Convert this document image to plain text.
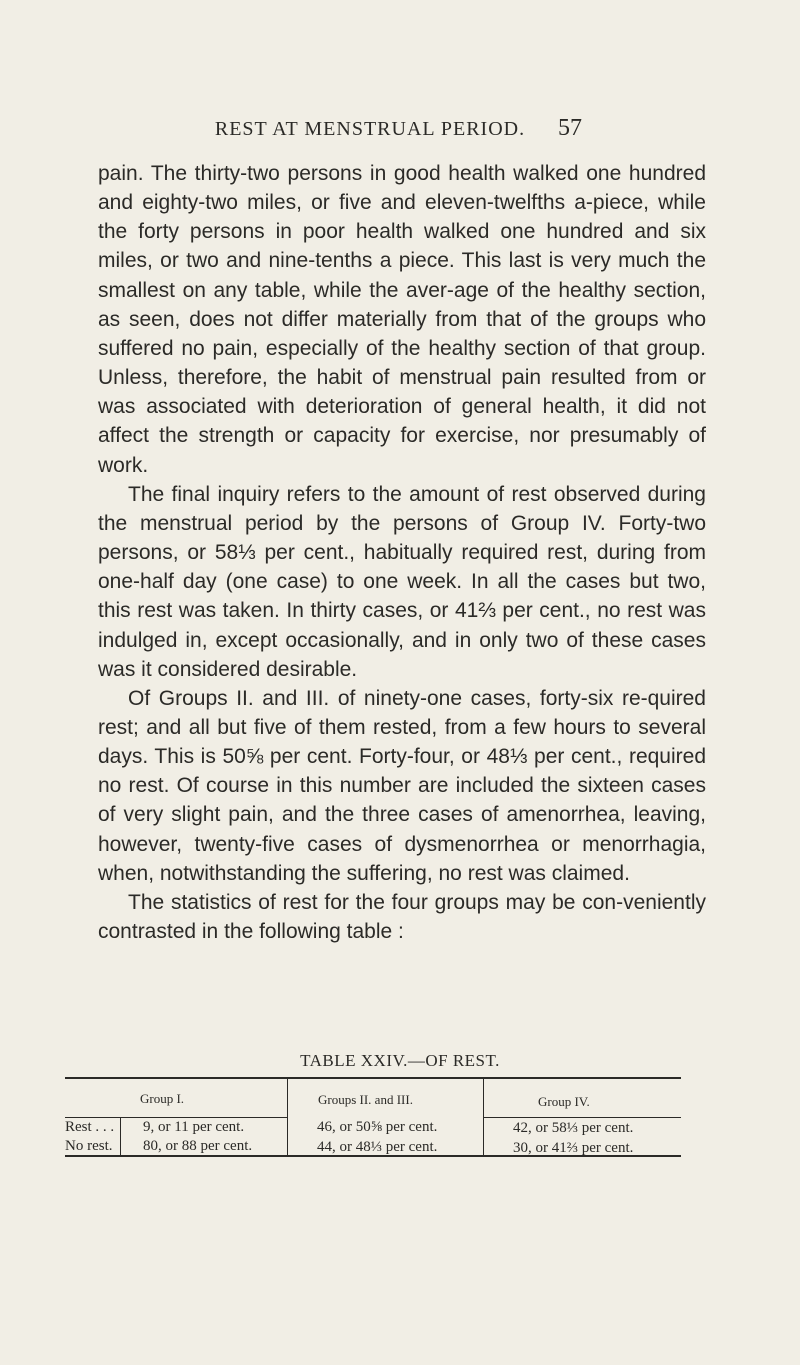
REST AT MENSTRUAL PERIOD.	57

pain. The thirty-two persons in good health walked one hundred and eighty-two miles, or five and eleven-twelfths a-piece, while the forty persons in poor health walked one hundred and six miles, or two and nine-tenths a piece. This last is very much the smallest on any table, while the aver-age of the healthy section, as seen, does not differ materially from that of the groups who suffered no pain, especially of the healthy section of that group. Unless, therefore, the habit of menstrual pain resulted from or was associated with deterioration of general health, it did not affect the strength or capacity for exercise, nor presumably of work.

The final inquiry refers to the amount of rest observed during the menstrual period by the persons of Group IV. Forty-two persons, or 58⅓ per cent., habitually required rest, during from one-half day (one case) to one week. In all the cases but two, this rest was taken. In thirty cases, or 41⅔ per cent., no rest was indulged in, except occasionally, and in only two of these cases was it considered desirable.

Of Groups II. and III. of ninety-one cases, forty-six re-quired rest; and all but five of them rested, from a few hours to several days. This is 50⅝ per cent. Forty-four, or 48⅓ per cent., required no rest. Of course in this number are included the sixteen cases of very slight pain, and the three cases of amenorrhea, leaving, however, twenty-five cases of dysmenorrhea or menorrhagia, when, notwithstanding the suffering, no rest was claimed.

The statistics of rest for the four groups may be con-veniently contrasted in the following table :

TABLE XXIV.—OF REST.
Group I.	Groups II. and III.	Group IV.
Rest . . . 9, or 11 per cent.	46, or 50⅝ per cent.	42, or 58⅓ per cent.
No rest. 80, or 88 per cent.	44, or 48⅓ per cent.	30, or 41⅔ per cent.
